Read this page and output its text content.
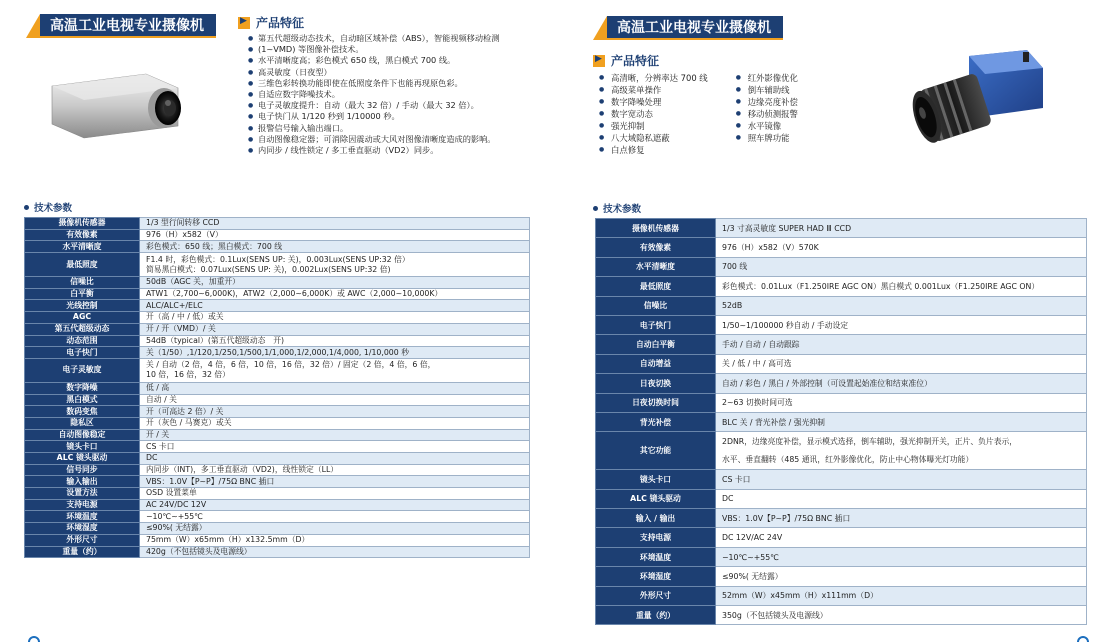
高温工业电视专业摄像机 ▶	产品特征
● 第五代超级动态技术，自动暗区域补偿（ABS），智能视频移动检测
● (1~VMD) 等图像补偿技术。
● 水平清晰度高；彩色模式 650 线，黑白模式 700 线。
● 高灵敏度（日夜型）
● 三维色彩转换功能即使在低照度条件下也能再现原色彩。
● 自适应数字降噪技术。
● 电子灵敏度提升：自动（最大 32 倍）/ 手动（最大 32 倍）。
● 电子快门从 1/120 秒到 1/10000 秒。
● 报警信号输入输出端口。
● 自动图像稳定器；可消除因震动或大风对图像清晰度造成的影响。
● 内同步 / 线性锁定 / 多工垂直驱动（VD2）同步。
技术参数
摄像机传感器	1/3 型行间转移 CCD

有效像素	976（H）x582（V）

水平清晰度	彩色模式：650 线；黑白模式：700 线

最低照度	F1.4 时，彩色模式：0.1Lux(SENS UP: 关)，0.003Lux(SENS UP:32 倍）
简易黑白模式：0.07Lux(SENS UP: 关)，0.002Lux(SENS UP:32 倍)

信噪比	50dB（AGC 关，加重开）

白平衡	ATW1（2,700~6,000K)，ATW2（2,000~6,000K）或 AWC（2,000~10,000K）

光线控制	ALC/ALC+/ELC

AGC	开（高 / 中 / 低）或关

第五代超级动态	开 / 开（VMD）/ 关

动态范围	54dB（typical）(第五代超级动态　开)

电子快门	关（1/50）,1/120,1/250,1/500,1/1,000,1/2,000,1/4,000, 1/10,000 秒

电子灵敏度	关 / 自动（2 倍，4 倍，6 倍，10 倍，16 倍，32 倍）/ 固定（2 倍，4 倍，6 倍，
10 倍，16 倍，32 倍）

数字降噪	低 / 高

黑白模式	自动 / 关

数码变焦	开（可高达 2 倍）/ 关

隐私区	开（灰色 / 马赛克）或关

自动图像稳定	开 / 关

镜头卡口	CS 卡口

ALC 镜头驱动	DC

信号同步	内同步（INT)，多工垂直驱动（VD2)，线性锁定（LL）

输入输出	VBS：1.0V【P~P】/75Ω BNC 插口

设置方法	OSD 设置菜单

支持电源	AC 24V/DC 12V

环境温度	−10℃~+55℃

环境湿度	≤90%( 无结露）

外形尺寸	75mm（W）x65mm（H）x132.5mm（D）

重量（约）	420g（不包括镜头及电源线）
高温工业电视专业摄像机
▶
产品特征
● 高清晰，分辨率达 700 线
● 高级菜单操作
● 数字降噪处理
● 数字宽动态
● 强光抑制
● 八大域隐私遮蔽
● 白点修复
● 红外影像优化
● 倒车辅助线
● 边缘亮度补偿
● 移动侦测报警
● 水平镜像
● 照车牌功能
技术参数
摄像机传感器	1/3 寸高灵敏度 SUPER HAD Ⅲ CCD

有效像素	976（H）x582（V）570K

水平清晰度	700 线

最低照度	彩色模式：0.01Lux（F1.250IRE AGC ON）黑白模式 0.001Lux（F1.250IRE AGC ON）

信噪比	52dB

电子快门	1/50~1/100000 秒自动 / 手动设定

自动白平衡	手动 / 自动 / 自动跟踪

自动增益	关 / 低 / 中 / 高可选

日夜切换	自动 / 彩色 / 黑白 / 外部控制（可设置起始准位和结束准位）

日夜切换时间	2~63 切换时间可选

背光补偿	BLC 关 / 背光补偿 / 强光抑制

其它功能	2DNR，边缘亮度补偿，显示模式选择，倒车辅助，强光抑制开关，正片、负片表示，
水平、垂直翻转（485 通讯，红外影像优化，防止中心物体曝光灯功能）

镜头卡口	CS 卡口

ALC 镜头驱动	DC

输入 / 输出	VBS：1.0V【P~P】/75Ω BNC 插口

支持电源	DC 12V/AC 24V

环境温度	−10℃~+55℃

环境湿度	≤90%( 无结露）

外形尺寸	52mm（W）x45mm（H）x111mm（D）

重量（约）	350g（不包括镜头及电源线）
